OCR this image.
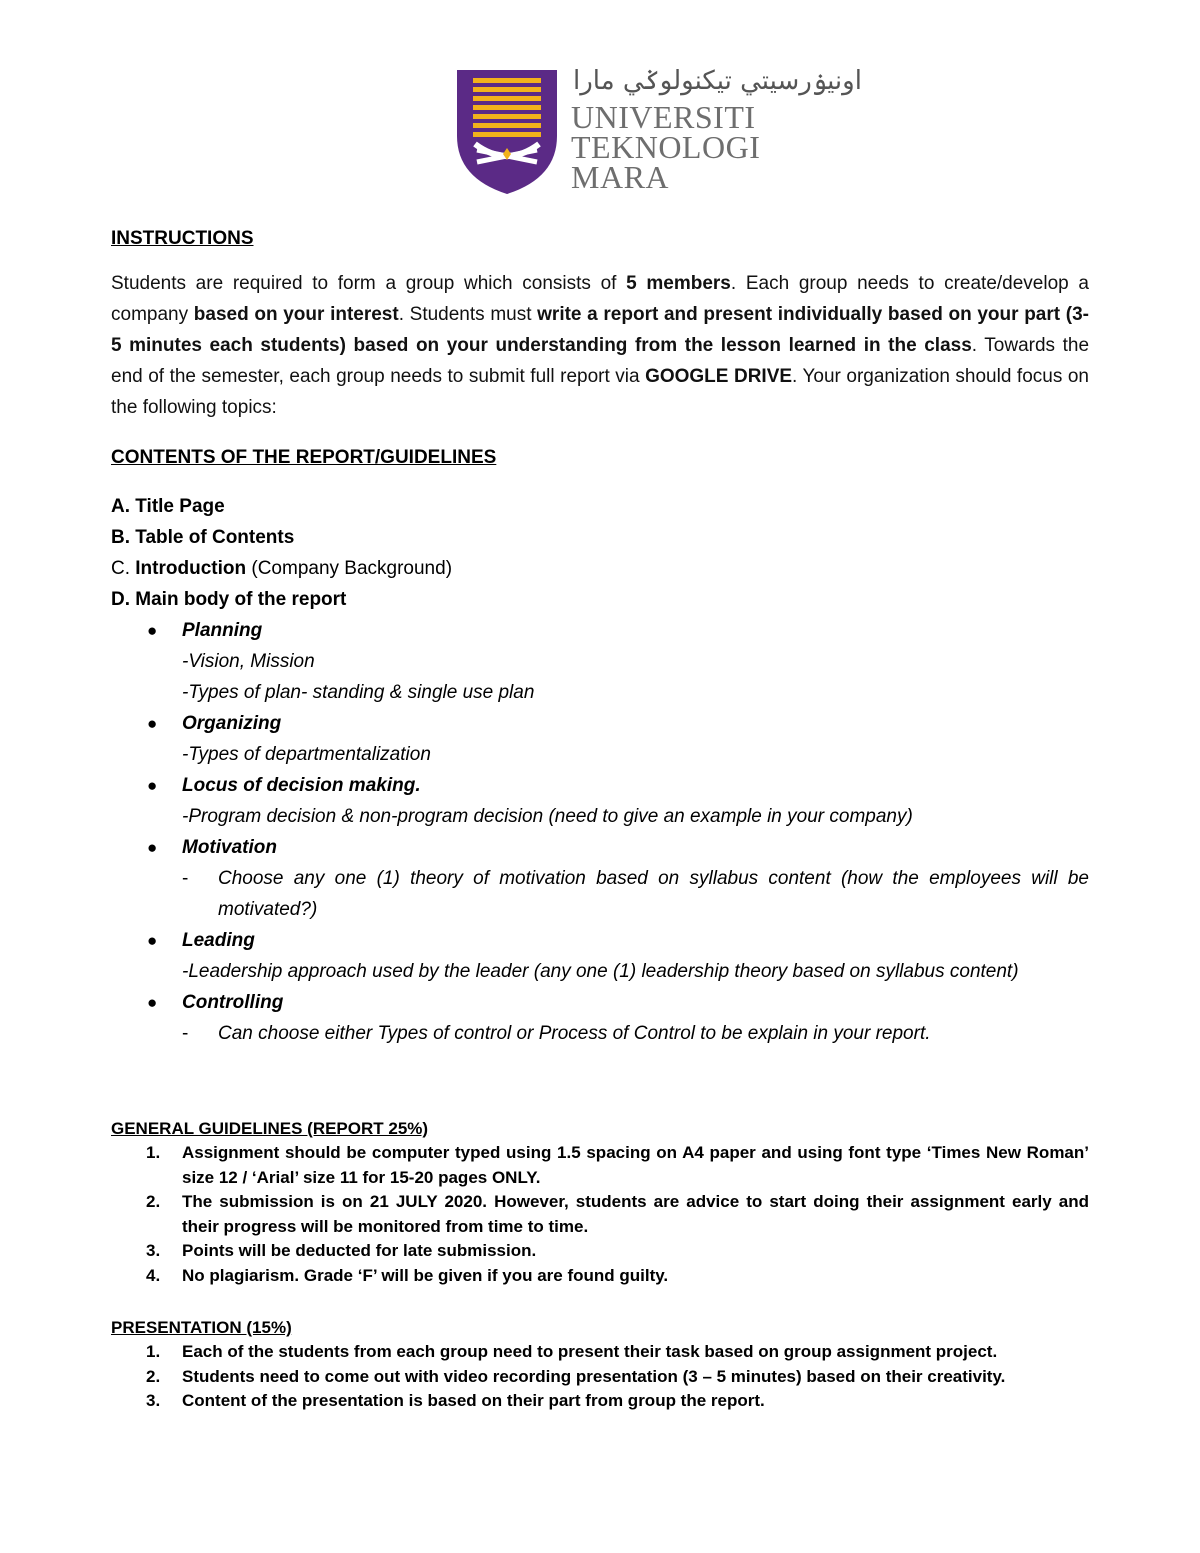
اونيۏرسيتي تيكنولوݢي مارا
UNIVERSITI
TEKNOLOGI
MARA

INSTRUCTIONS

Students are required to form a group which consists of 5 members. Each group needs to create/develop a company based on your interest. Students must write a report and present individually based on your part (3-5 minutes each students) based on your understanding from the lesson learned in the class. Towards the end of the semester, each group needs to submit full report via GOOGLE DRIVE. Your organization should focus on the following topics:

CONTENTS OF THE REPORT/GUIDELINES

A. Title Page
B. Table of Contents
C. Introduction (Company Background)
D. Main body of the report
● Planning
-Vision, Mission
-Types of plan- standing & single use plan
● Organizing
-Types of departmentalization
● Locus of decision making.
-Program decision & non-program decision (need to give an example in your company)
● Motivation
- Choose any one (1) theory of motivation based on syllabus content (how the employees will be motivated?)
● Leading
-Leadership approach used by the leader (any one (1) leadership theory based on syllabus content)
● Controlling
- Can choose either Types of control or Process of Control to be explain in your report.

GENERAL GUIDELINES (REPORT 25%)

1. Assignment should be computer typed using 1.5 spacing on A4 paper and using font type ‘Times New Roman’ size 12 / ‘Arial’ size 11 for 15-20 pages ONLY.
2. The submission is on 21 JULY 2020. However, students are advice to start doing their assignment early and their progress will be monitored from time to time.
3. Points will be deducted for late submission.
4. No plagiarism. Grade ‘F’ will be given if you are found guilty.

PRESENTATION (15%)

1. Each of the students from each group need to present their task based on group assignment project.
2. Students need to come out with video recording presentation (3 – 5 minutes) based on their creativity.
3. Content of the presentation is based on their part from group the report.
